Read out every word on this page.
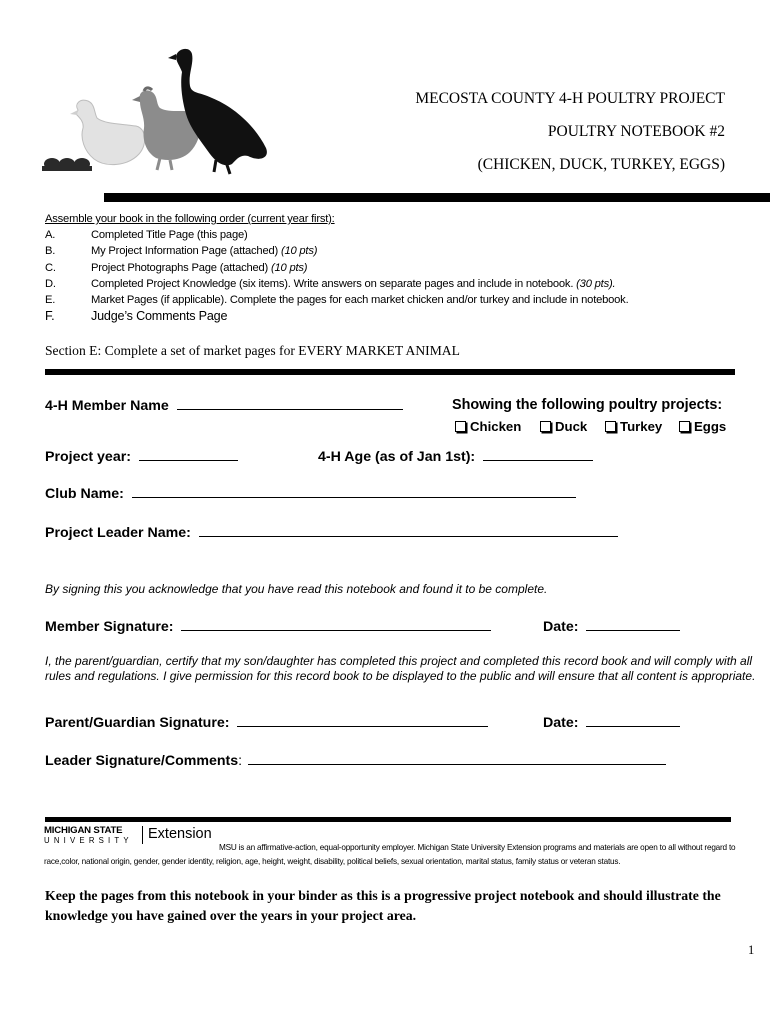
MECOSTA COUNTY 4-H POULTRY PROJECT
POULTRY NOTEBOOK #2
(CHICKEN, DUCK, TURKEY, EGGS)
Assemble your book in the following order (current year first):
A.	Completed Title Page (this page)
B.	My Project Information Page (attached) (10 pts)
C.	Project Photographs Page (attached) (10 pts)
D.	Completed Project Knowledge (six items). Write answers on separate pages and include in notebook. (30 pts).
E.	Market Pages (if applicable). Complete the pages for each market chicken and/or turkey and include in notebook.
F.	Judge’s Comments Page
Section E: Complete a set of market pages for EVERY MARKET ANIMAL
4-H Member Name	Showing the following poultry projects:
Chicken	Duck	Turkey	Eggs
Project year:	4-H Age (as of Jan 1st):
Club Name:
Project Leader Name:
By signing this you acknowledge that you have read this notebook and found it to be complete.
Member Signature:	Date:
I, the parent/guardian, certify that my son/daughter has completed this project and completed this record book and will comply with all rules and regulations. I give permission for this record book to be displayed to the public and will ensure that all content is appropriate.
Parent/Guardian Signature:	Date:
Leader Signature/Comments:
MICHIGAN STATE
UNIVERSITY Extension
MSU is an affirmative-action, equal-opportunity employer. Michigan State University Extension programs and materials are open to all without regard to race,color, national origin, gender, gender identity, religion, age, height, weight, disability, political beliefs, sexual orientation, marital status, family status or veteran status.
Keep the pages from this notebook in your binder as this is a progressive project notebook and should illustrate the knowledge you have gained over the years in your project area.
1
